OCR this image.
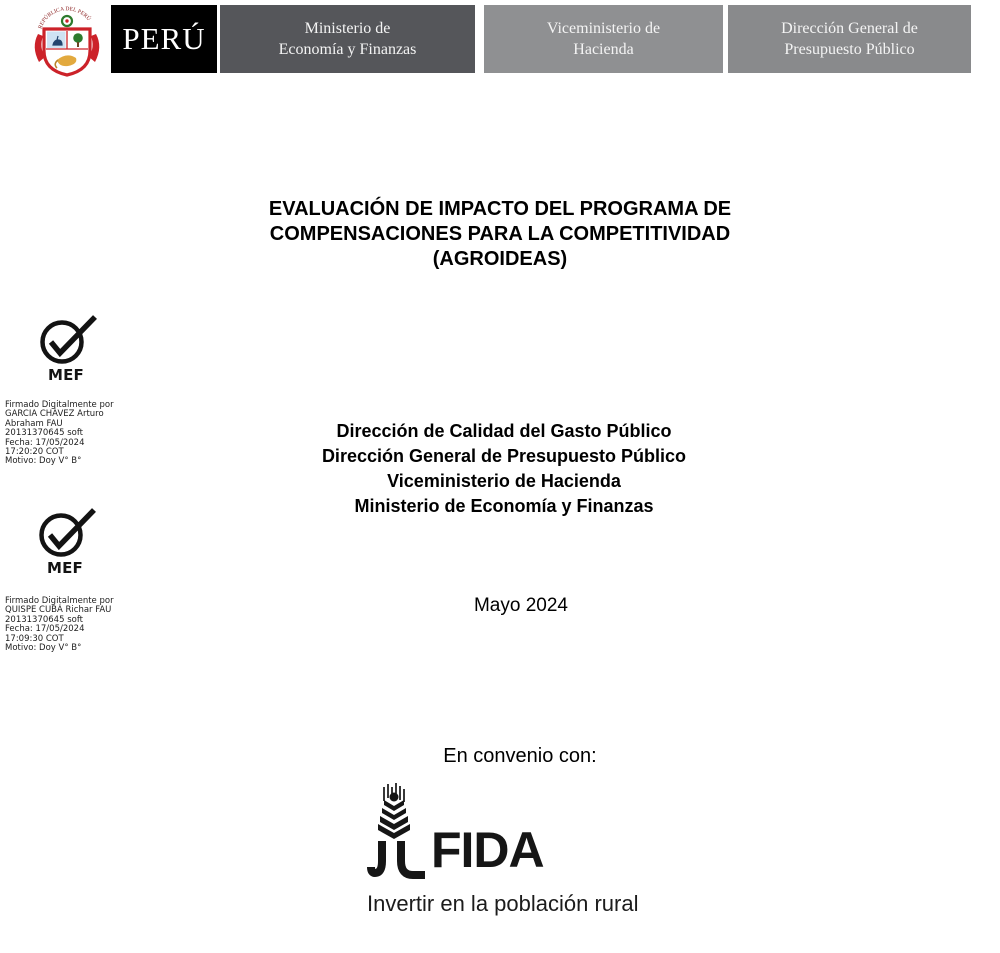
REPÚBLICA DEL PERÚ
PERÚ	Ministerio de
Economía y Finanzas
Viceministerio de
Hacienda
Dirección General de
Presupuesto Público
EVALUACIÓN DE IMPACTO DEL PROGRAMA DE
COMPENSACIONES PARA LA COMPETITIVIDAD
(AGROIDEAS)
MEF
Firmado Digitalmente por
GARCIA CHÁVEZ Arturo
Abraham FAU
20131370645 soft
Fecha: 17/05/2024
17:20:20 COT
Motivo: Doy V° B°
MEF
Firmado Digitalmente por
QUISPE CUBÁ Richar FAU
20131370645 soft
Fecha: 17/05/2024
17:09:30 COT
Motivo: Doy V° B°
Dirección de Calidad del Gasto Público
Dirección General de Presupuesto Público
Viceministerio de Hacienda
Ministerio de Economía y Finanzas
Mayo 2024
En convenio con:
FIDA
Invertir en la población rural
